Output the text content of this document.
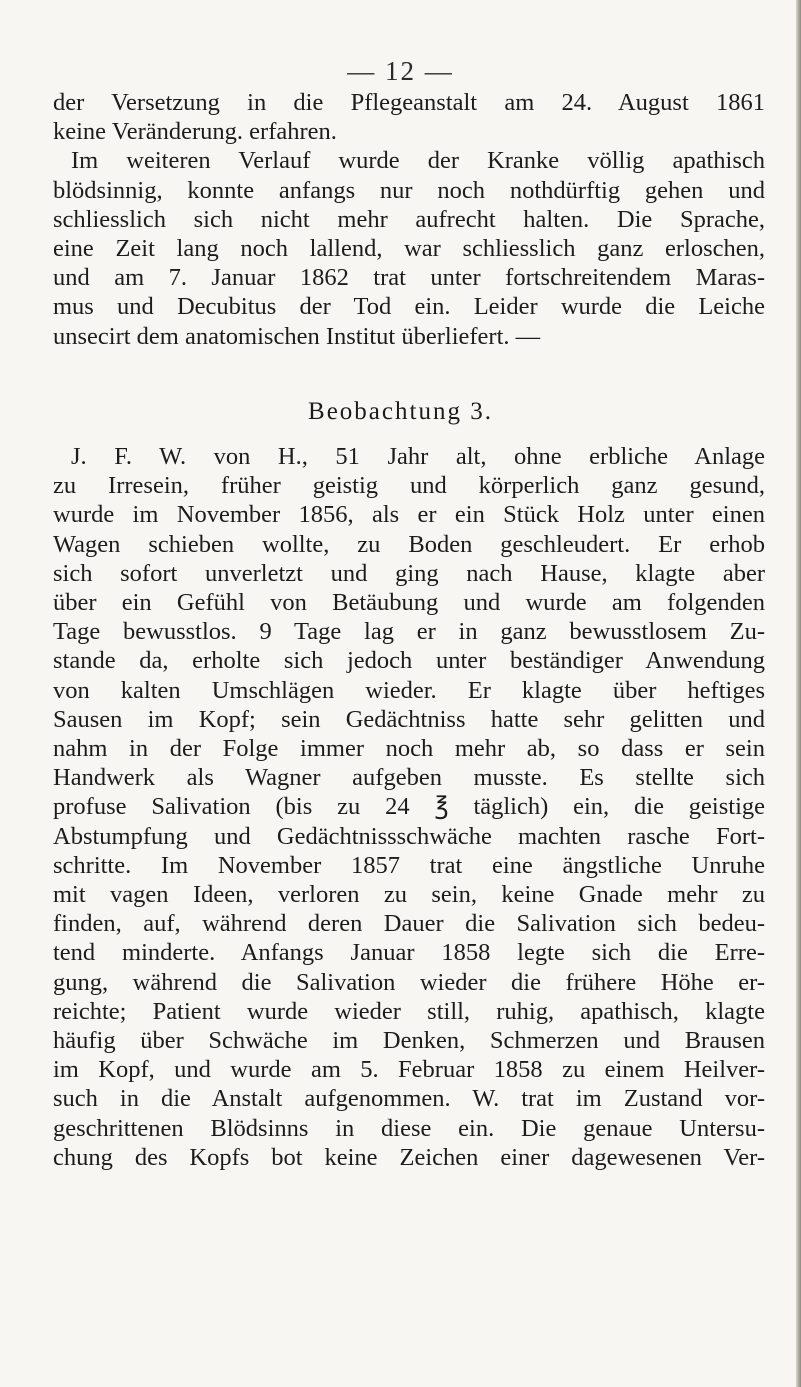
— 12 —
der Versetzung in die Pflegeanstalt am 24. August 1861
keine Veränderung. erfahren.
Im weiteren Verlauf wurde der Kranke völlig apathisch
blödsinnig, konnte anfangs nur noch nothdürftig gehen und
schliesslich sich nicht mehr aufrecht halten. Die Sprache,
eine Zeit lang noch lallend, war schliesslich ganz erloschen,
und am 7. Januar 1862 trat unter fortschreitendem Maras-
mus und Decubitus der Tod ein. Leider wurde die Leiche
unsecirt dem anatomischen Institut überliefert. —
Beobachtung 3.
J. F. W. von H., 51 Jahr alt, ohne erbliche Anlage
zu Irresein, früher geistig und körperlich ganz gesund,
wurde im November 1856, als er ein Stück Holz unter einen
Wagen schieben wollte, zu Boden geschleudert. Er erhob
sich sofort unverletzt und ging nach Hause, klagte aber
über ein Gefühl von Betäubung und wurde am folgenden
Tage bewusstlos. 9 Tage lag er in ganz bewusstlosem Zu-
stande da, erholte sich jedoch unter beständiger Anwendung
von kalten Umschlägen wieder. Er klagte über heftiges
Sausen im Kopf; sein Gedächtniss hatte sehr gelitten und
nahm in der Folge immer noch mehr ab, so dass er sein
Handwerk als Wagner aufgeben musste. Es stellte sich
profuse Salivation (bis zu 24 ℥ täglich) ein, die geistige
Abstumpfung und Gedächtnissschwäche machten rasche Fort-
schritte. Im November 1857 trat eine ängstliche Unruhe
mit vagen Ideen, verloren zu sein, keine Gnade mehr zu
finden, auf, während deren Dauer die Salivation sich bedeu-
tend minderte. Anfangs Januar 1858 legte sich die Erre-
gung, während die Salivation wieder die frühere Höhe er-
reichte; Patient wurde wieder still, ruhig, apathisch, klagte
häufig über Schwäche im Denken, Schmerzen und Brausen
im Kopf, und wurde am 5. Februar 1858 zu einem Heilver-
such in die Anstalt aufgenommen. W. trat im Zustand vor-
geschrittenen Blödsinns in diese ein. Die genaue Untersu-
chung des Kopfs bot keine Zeichen einer dagewesenen Ver-
